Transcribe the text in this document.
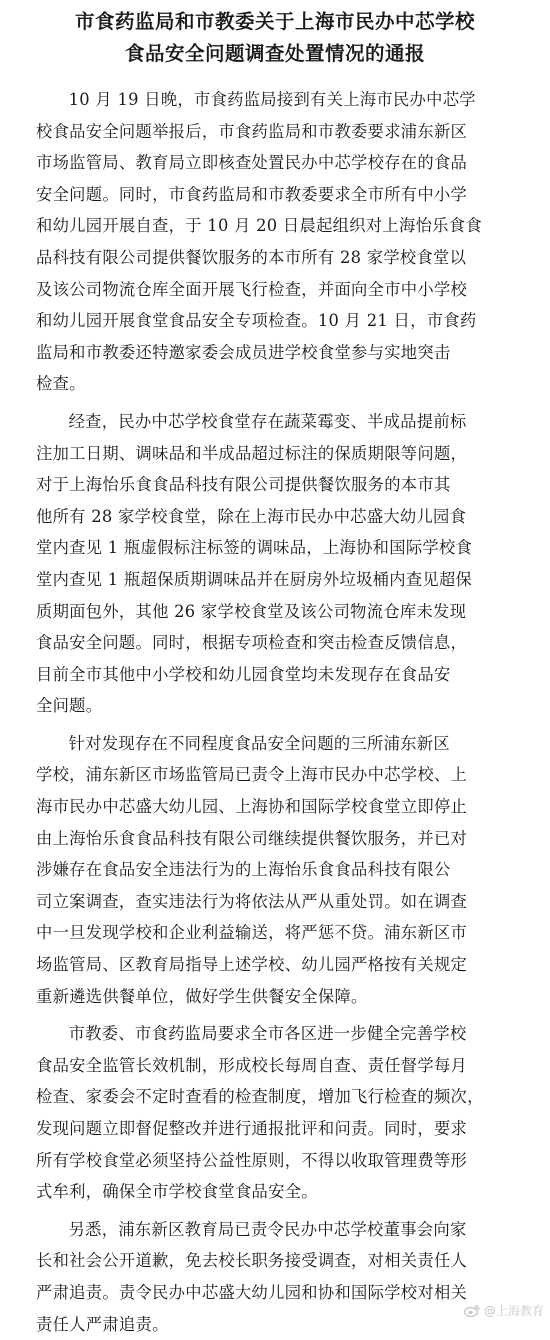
市食药监局和市教委关于上海市民办中芯学校
食品安全问题调查处置情况的通报

10 月 19 日晚，市食药监局接到有关上海市民办中芯学
校食品安全问题举报后，市食药监局和市教委要求浦东新区
市场监管局、教育局立即核查处置民办中芯学校存在的食品
安全问题。同时，市食药监局和市教委要求全市所有中小学
和幼儿园开展自查，于 10 月 20 日晨起组织对上海怡乐食食
品科技有限公司提供餐饮服务的本市所有 28 家学校食堂以
及该公司物流仓库全面开展飞行检查，并面向全市中小学校
和幼儿园开展食堂食品安全专项检查。10 月 21 日，市食药
监局和市教委还特邀家委会成员进学校食堂参与实地突击
检查。

经查，民办中芯学校食堂存在蔬菜霉变、半成品提前标
注加工日期、调味品和半成品超过标注的保质期限等问题，
对于上海怡乐食食品科技有限公司提供餐饮服务的本市其
他所有 28 家学校食堂，除在上海市民办中芯盛大幼儿园食
堂内查见 1 瓶虚假标注标签的调味品，上海协和国际学校食
堂内查见 1 瓶超保质期调味品并在厨房外垃圾桶内查见超保
质期面包外，其他 26 家学校食堂及该公司物流仓库未发现
食品安全问题。同时，根据专项检查和突击检查反馈信息，
目前全市其他中小学校和幼儿园食堂均未发现存在食品安
全问题。

针对发现存在不同程度食品安全问题的三所浦东新区
学校，浦东新区市场监管局已责令上海市民办中芯学校、上
海市民办中芯盛大幼儿园、上海协和国际学校食堂立即停止
由上海怡乐食食品科技有限公司继续提供餐饮服务，并已对
涉嫌存在食品安全违法行为的上海怡乐食食品科技有限公
司立案调查，查实违法行为将依法从严从重处罚。如在调查
中一旦发现学校和企业利益输送，将严惩不贷。浦东新区市
场监管局、区教育局指导上述学校、幼儿园严格按有关规定
重新遴选供餐单位，做好学生供餐安全保障。

市教委、市食药监局要求全市各区进一步健全完善学校
食品安全监管长效机制，形成校长每周自查、责任督学每月
检查、家委会不定时查看的检查制度，增加飞行检查的频次，
发现问题立即督促整改并进行通报批评和问责。同时，要求
所有学校食堂必须坚持公益性原则，不得以收取管理费等形
式牟利，确保全市学校食堂食品安全。

另悉，浦东新区教育局已责令民办中芯学校董事会向家
长和社会公开道歉，免去校长职务接受调查，对相关责任人
严肃追责。责令民办中芯盛大幼儿园和协和国际学校对相关
责任人严肃追责。

@上海教育
